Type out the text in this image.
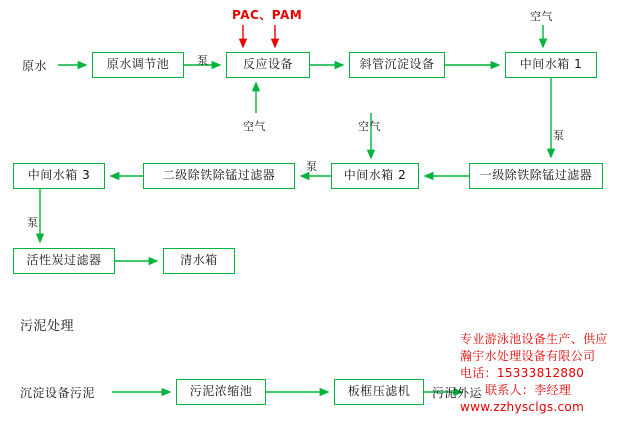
原水	原水调节池	反应设备	斜管沉淀设备	中间水箱 1
一级除铁除锰过滤器
中间水箱 2
二级除铁除锰过滤器
中间水箱 3
活性炭过滤器	清水箱
污泥处理
沉淀设备污泥	污泥浓缩池	板框压滤机	污泥外运
PAC、PAM	空气
泵
空气	空气
泵
泵
泵
专业游泳池设备生产、供应
瀚宇水处理设备有限公司
电话：15333812880
联系人：李经理
www.zzhysclgs.com
